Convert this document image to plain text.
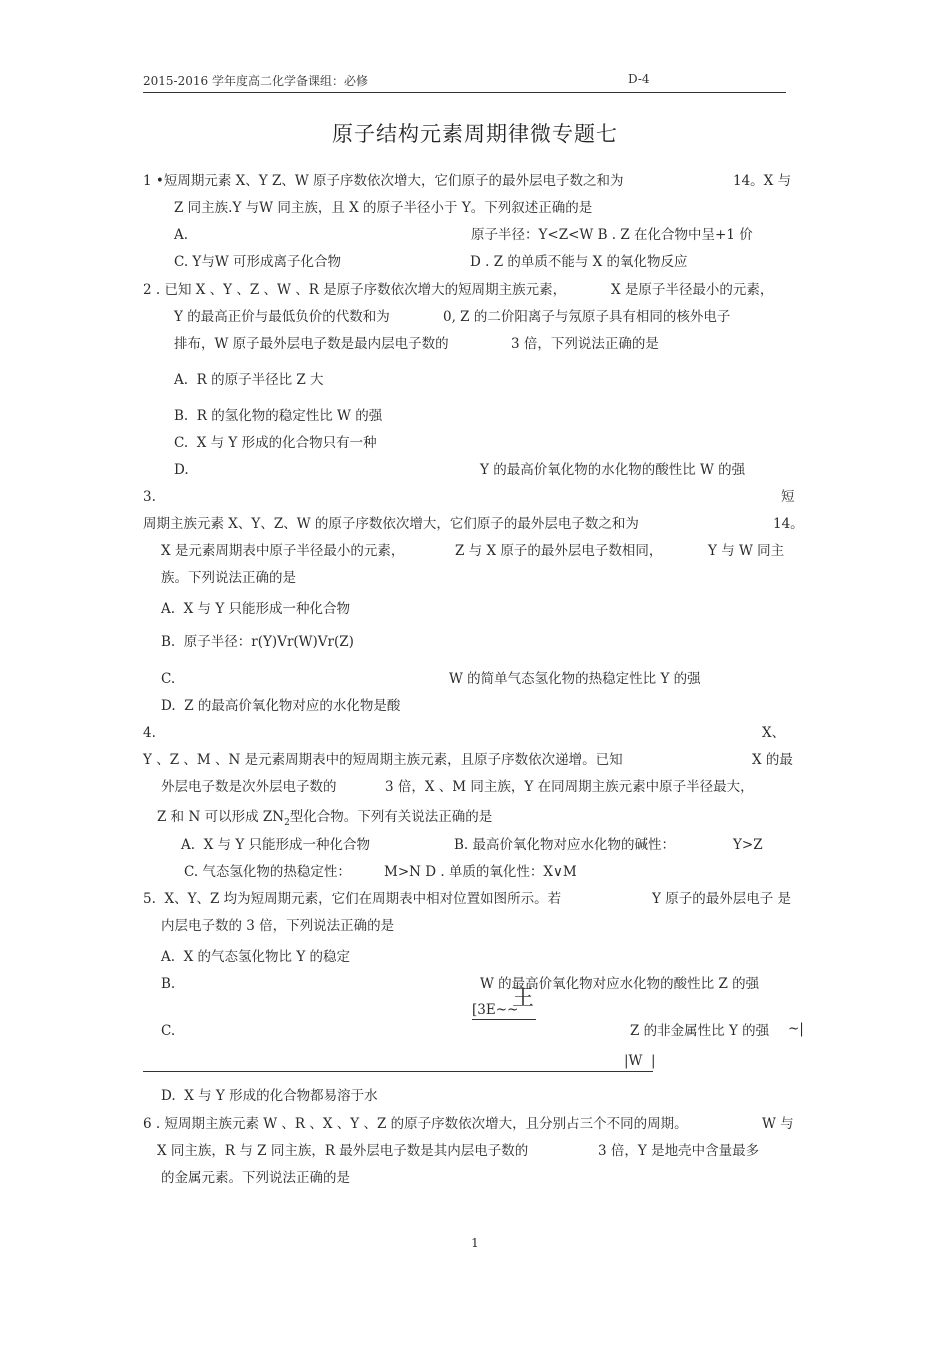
2015-2016 学年度高二化学备课组：必修	D-4
原子结构元素周期律微专题七
1 •短周期元素 X、Y Z、W 原子序数依次增大，它们原子的最外层电子数之和为	14。X 与
Z 同主族.Y 与W 同主族，且 X 的原子半径小于 Y。下列叙述正确的是
A.	原子半径：Y<Z<W B . Z 在化合物中呈+1 价
C. Y与W 可形成离子化合物	D . Z 的单质不能与 X 的氧化物反应
2 . 已知 X 、Y 、Z 、W 、R 是原子序数依次增大的短周期主族元素，	X 是原子半径最小的元素，
Y 的最高正价与最低负价的代数和为	0, Z 的二价阳离子与氖原子具有相同的核外电子
排布，W 原子最外层电子数是最内层电子数的	3 倍，下列说法正确的是
A.  R 的原子半径比 Z 大
B.  R 的氢化物的稳定性比 W 的强
C.  X 与 Y 形成的化合物只有一种
D.	Y 的最高价氧化物的水化物的酸性比 W 的强
3.	短
周期主族元素 X、Y、Z、W 的原子序数依次增大，它们原子的最外层电子数之和为	14。
X 是元素周期表中原子半径最小的元素，	Z 与 X 原子的最外层电子数相同，	Y 与 W 同主
族。下列说法正确的是
A.  X 与 Y 只能形成一种化合物
B.  原子半径：r(Y)Vr(W)Vr(Z)
C.	W 的简单气态氢化物的热稳定性比 Y 的强
D.  Z 的最高价氧化物对应的水化物是酸
4.	X、
Y 、Z 、M 、N 是元素周期表中的短周期主族元素，且原子序数依次递增。已知	X 的最
外层电子数是次外层电子数的	3 倍，X 、M 同主族，Y 在同周期主族元素中原子半径最大，
Z 和 N 可以形成 $ZN_2$型化合物。下列有关说法正确的是
A.  X 与 Y 只能形成一种化合物	B. 最高价氧化物对应水化物的碱性：	Y>Z
C. 气态氢化物的热稳定性： M>N D . 单质的氧化性：X∨M
5.  X、Y、Z 均为短周期元素，它们在周期表中相对位置如图所示。若	Y 原子的最外层电子 是
内层电子数的 3 倍，下列说法正确的是
A.  X 的气态氢化物比 Y 的稳定
B.	W 的最高价氧化物对应水化物的酸性比 Z 的强
[3E~~
王
C.	Z 的非金属性比 Y 的强 ~|
|W  |
D.  X 与 Y 形成的化合物都易溶于水
6 . 短周期主族元素 W 、R 、X 、Y 、Z 的原子序数依次增大，且分别占三个不同的周期。	W 与
X 同主族，R 与 Z 同主族，R 最外层电子数是其内层电子数的	3 倍，Y 是地壳中含量最多
的金属元素。下列说法正确的是
1
